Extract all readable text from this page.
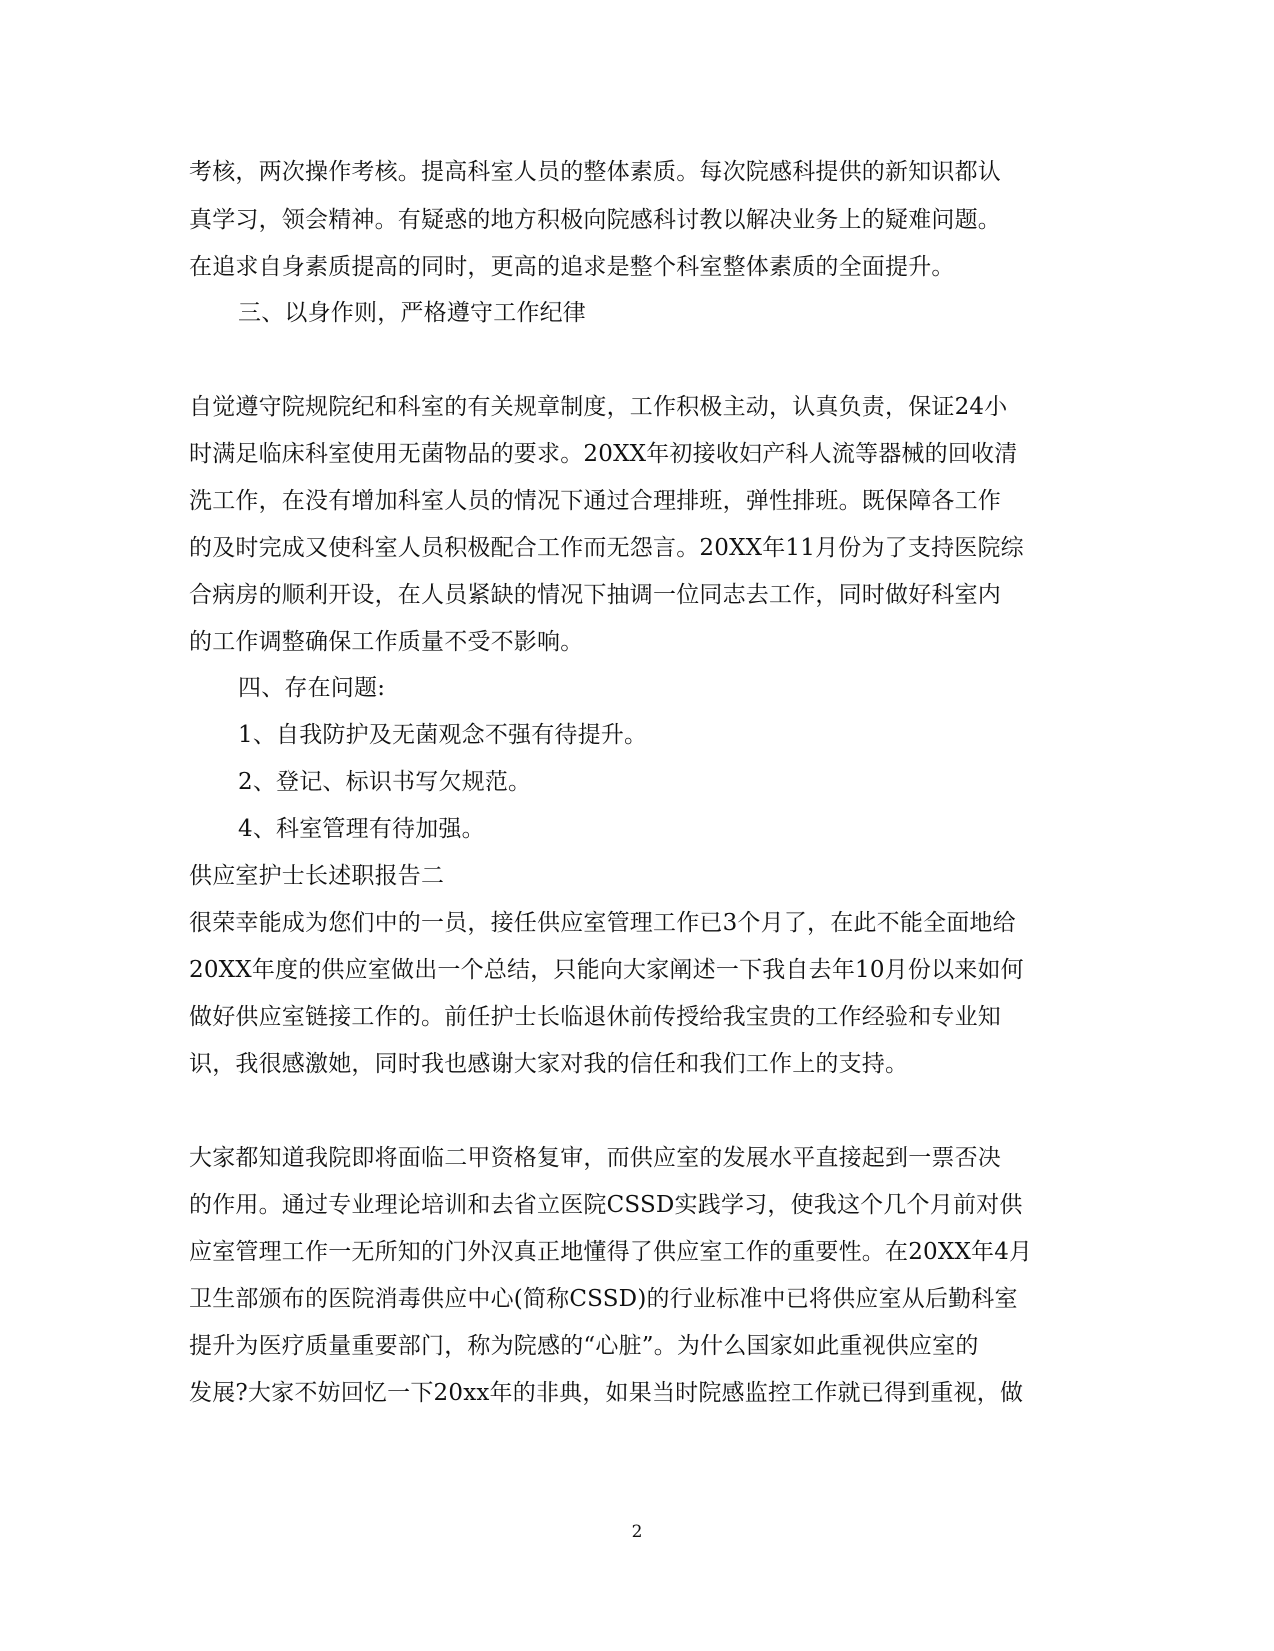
考核，两次操作考核。提高科室人员的整体素质。每次院感科提供的新知识都认
真学习，领会精神。有疑惑的地方积极向院感科讨教以解决业务上的疑难问题。
在追求自身素质提高的同时，更高的追求是整个科室整体素质的全面提升。
三、以身作则，严格遵守工作纪律
自觉遵守院规院纪和科室的有关规章制度，工作积极主动，认真负责，保证24小
时满足临床科室使用无菌物品的要求。20XX年初接收妇产科人流等器械的回收清
洗工作，在没有增加科室人员的情况下通过合理排班，弹性排班。既保障各工作
的及时完成又使科室人员积极配合工作而无怨言。20XX年11月份为了支持医院综
合病房的顺利开设，在人员紧缺的情况下抽调一位同志去工作，同时做好科室内
的工作调整确保工作质量不受不影响。
四、存在问题:
1、自我防护及无菌观念不强有待提升。
2、登记、标识书写欠规范。
4、科室管理有待加强。
供应室护士长述职报告二
很荣幸能成为您们中的一员，接任供应室管理工作已3个月了，在此不能全面地给
20XX年度的供应室做出一个总结，只能向大家阐述一下我自去年10月份以来如何
做好供应室链接工作的。前任护士长临退休前传授给我宝贵的工作经验和专业知
识，我很感激她，同时我也感谢大家对我的信任和我们工作上的支持。
大家都知道我院即将面临二甲资格复审，而供应室的发展水平直接起到一票否决
的作用。通过专业理论培训和去省立医院CSSD实践学习，使我这个几个月前对供
应室管理工作一无所知的门外汉真正地懂得了供应室工作的重要性。在20XX年4月
卫生部颁布的医院消毒供应中心(简称CSSD)的行业标准中已将供应室从后勤科室
提升为医疗质量重要部门，称为院感的“心脏”。为什么国家如此重视供应室的
发展?大家不妨回忆一下20xx年的非典，如果当时院感监控工作就已得到重视，做
2
